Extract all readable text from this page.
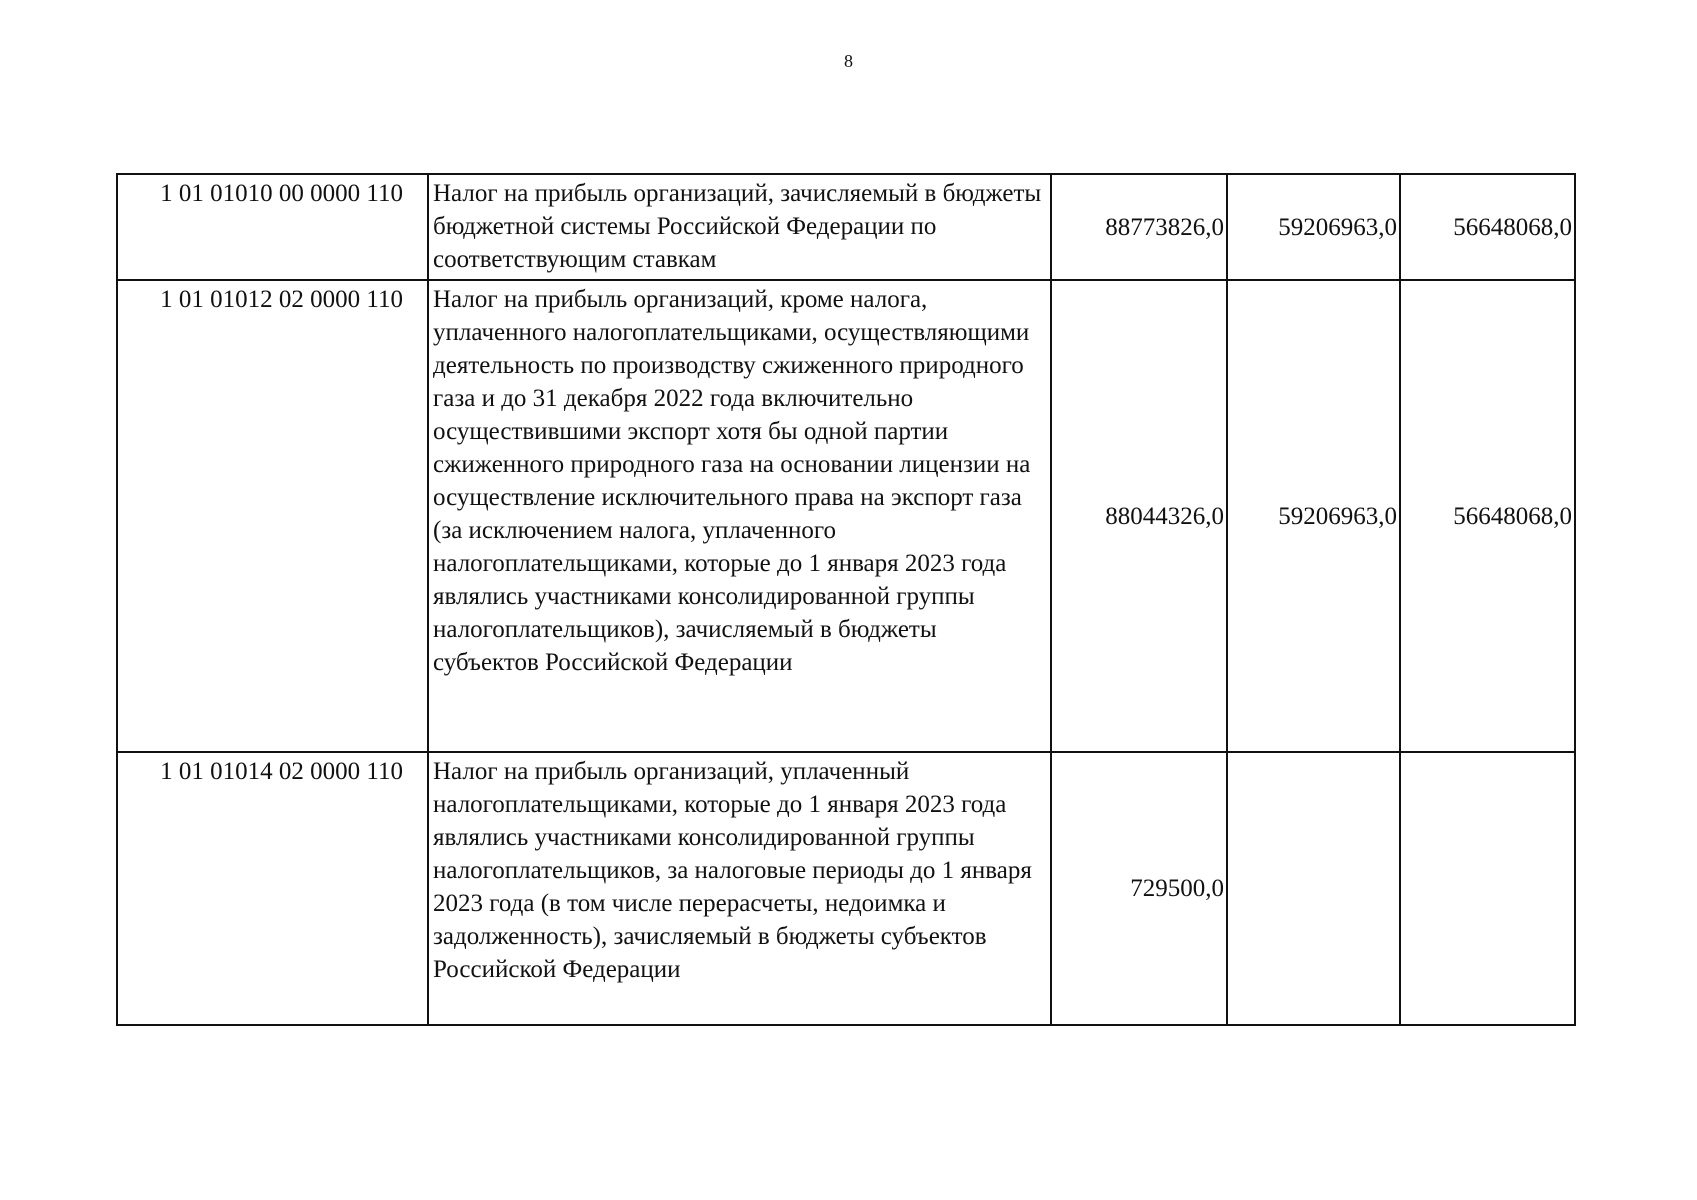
8
1 01 01010 00 0000 110	Налог на прибыль организаций, зачисляемый в бюджеты бюджетной системы Российской Федерации по соответствующим ставкам	88773826,0	59206963,0	56648068,0
1 01 01012 02 0000 110	Налог на прибыль организаций, кроме налога, уплаченного налогоплательщиками, осуществляющими деятельность по производству сжиженного природного газа и до 31 декабря 2022 года включительно осуществившими экспорт хотя бы одной партии сжиженного природного газа на основании лицензии на осуществление исключительного права на экспорт газа (за исключением налога, уплаченного налогоплательщиками, которые до 1 января 2023 года являлись участниками консолидированной группы налогоплательщиков), зачисляемый в бюджеты субъектов Российской Федерации	88044326,0	59206963,0	56648068,0
1 01 01014 02 0000 110	Налог на прибыль организаций, уплаченный налогоплательщиками, которые до 1 января 2023 года являлись участниками консолидированной группы налогоплательщиков, за налоговые периоды до 1 января 2023 года (в том числе перерасчеты, недоимка и задолженность), зачисляемый в бюджеты субъектов Российской Федерации	729500,0		
